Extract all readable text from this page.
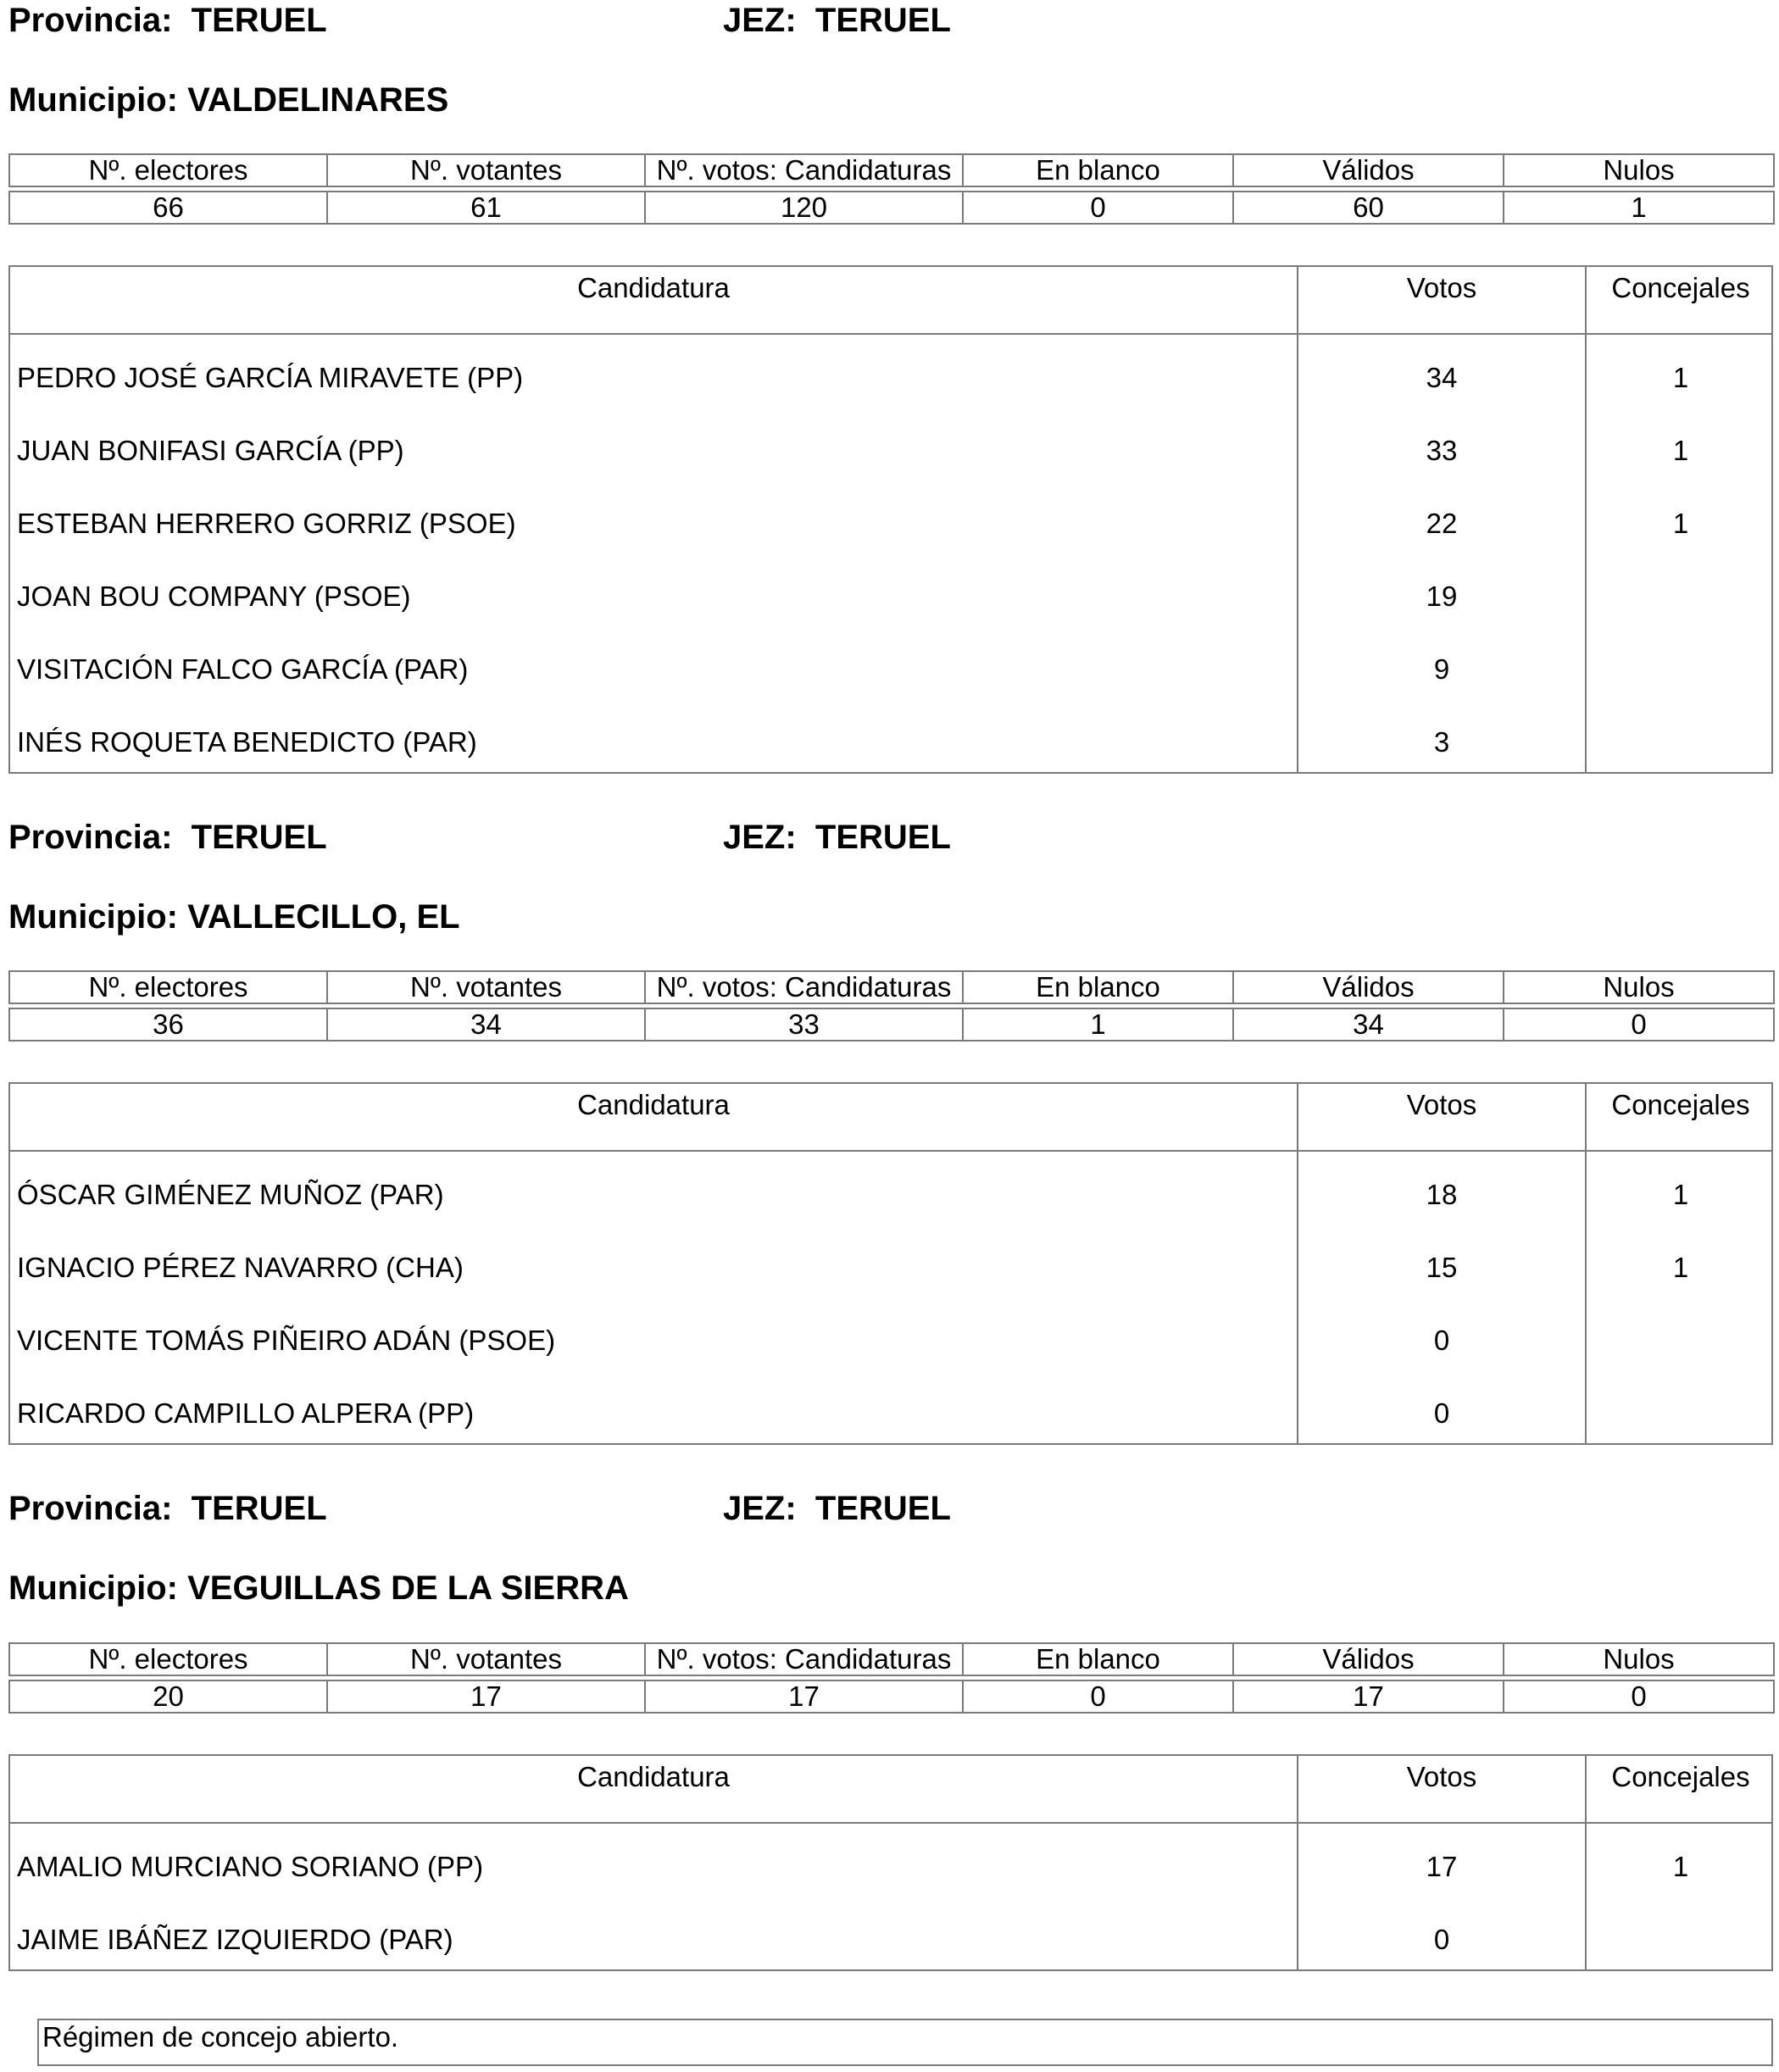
Provincia: TERUEL	JEZ: TERUEL
Municipio: VALDELINARES
Nº. electores	Nº. votantes	Nº. votos: Candidaturas	En blanco	Válidos	Nulos

66	61	120	0	60	1
Candidatura	Votos	Concejales
PEDRO JOSÉ GARCÍA MIRAVETE (PP)	34	1
JUAN BONIFASI GARCÍA (PP)	33	1
ESTEBAN HERRERO GORRIZ (PSOE)	22	1
JOAN BOU COMPANY (PSOE)	19
VISITACIÓN FALCO GARCÍA (PAR)	9
INÉS ROQUETA BENEDICTO (PAR)	3
Provincia: TERUEL	JEZ: TERUEL
Municipio: VALLECILLO, EL
Nº. electores	Nº. votantes	Nº. votos: Candidaturas	En blanco	Válidos	Nulos

36	34	33	1	34	0
Candidatura	Votos	Concejales
ÓSCAR GIMÉNEZ MUÑOZ (PAR)	18	1
IGNACIO PÉREZ NAVARRO (CHA)	15	1
VICENTE TOMÁS PIÑEIRO ADÁN (PSOE)	0
RICARDO CAMPILLO ALPERA (PP)	0
Provincia: TERUEL	JEZ: TERUEL
Municipio: VEGUILLAS DE LA SIERRA
Nº. electores	Nº. votantes	Nº. votos: Candidaturas	En blanco	Válidos	Nulos

20	17	17	0	17	0
Candidatura	Votos	Concejales
AMALIO MURCIANO SORIANO (PP)	17	1
JAIME IBÁÑEZ IZQUIERDO (PAR)	0
Régimen de concejo abierto.
